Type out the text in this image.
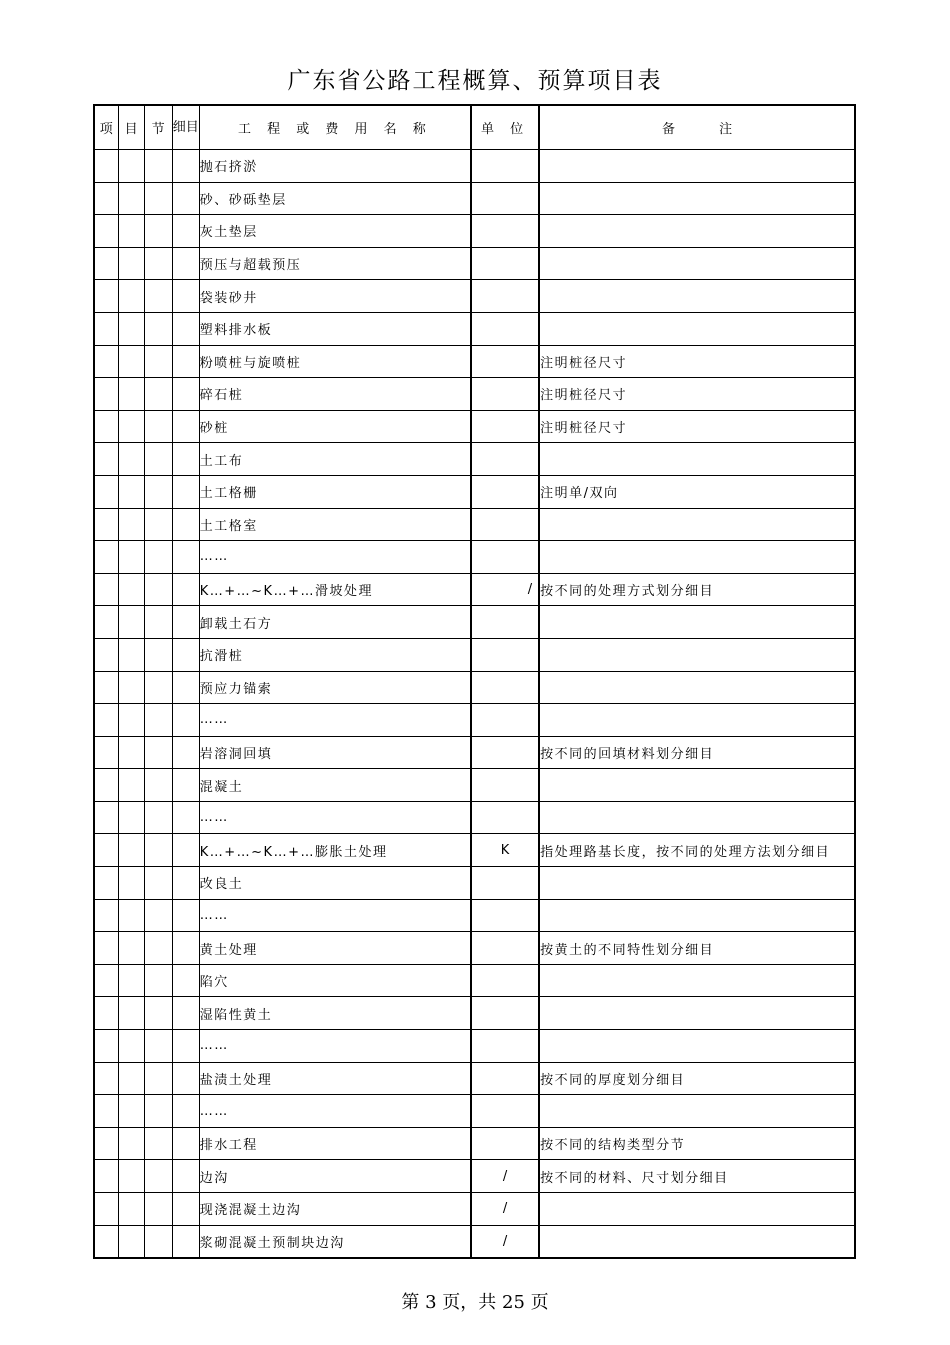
广东省公路工程概算、预算项目表
项	目	节	细目	工 程 或 费 用 名 称	单 位	备 注
				抛石挤淤		
				砂、砂砾垫层		
				灰土垫层		
				预压与超载预压		
				袋装砂井		
				塑料排水板		
				粉喷桩与旋喷桩		注明桩径尺寸
				碎石桩		注明桩径尺寸
				砂桩		注明桩径尺寸
				土工布		
				土工格栅		注明单/双向
				土工格室		
				……		
				K…+…~K…+…滑坡处理	/	按不同的处理方式划分细目
				卸载土石方		
				抗滑桩		
				预应力锚索		
				……		
				岩溶洞回填		按不同的回填材料划分细目
				混凝土		
				……		
				K…+…~K…+…膨胀土处理	K	指处理路基长度，按不同的处理方法划分细目
				改良土		
				……		
				黄土处理		按黄土的不同特性划分细目
				陷穴		
				湿陷性黄土		
				……		
				盐渍土处理		按不同的厚度划分细目
				……		
				排水工程		按不同的结构类型分节
				边沟	/	按不同的材料、尺寸划分细目
				现浇混凝土边沟	/	
				浆砌混凝土预制块边沟	/	
第 3 页，共 25 页
